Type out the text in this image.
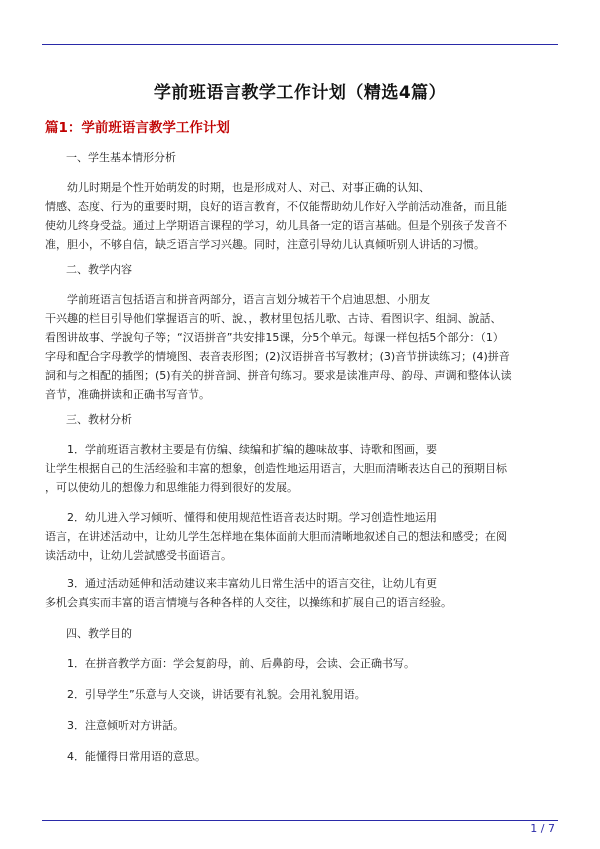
学前班语言教学工作计划（精选4篇）
篇1：学前班语言教学工作计划

一、学生基本情形分析

幼儿时期是个性开始萌发的时期，也是形成对人、对己、对事正确的认知、

情感、态度、行为的重要时期，良好的语言教育，不仅能帮助幼儿作好入学前活动准备，而且能

使幼儿终身受益。通过上学期语言课程的学习，幼儿具备一定的语言基础。但是个别孩子发音不

准，胆小，不够自信，缺乏语言学习兴趣。同时，注意引导幼儿认真倾听别人讲话的习惯。

二、教学内容

学前班语言包括语言和拼音两部分，语言言划分城若干个启迪思想、小朋友

干兴趣的栏目引导他们掌握语言的听、說、，教材里包括儿歌、古诗、看图识字、组詞、說話、

看图讲故事、学說句子等；“汉语拼音”共安排15课，分5个单元。每课一样包括5个部分：（1）

字母和配合字母教学的情境图、表音表形图；(2)汉语拼音书写教材；(3)音节拼读练习；(4)拼音

詞和与之相配的插图；(5)有关的拼音詞、拼音句练习。要求是读准声母、韵母、声调和整体认读

音节，准确拼读和正确书写音节。

三、教材分析

1．学前班语言教材主要是有仿编、续编和扩编的趣味故事、诗歌和图画，要

让学生根据自己的生活经验和丰富的想象，创造性地运用语言，大胆而清晰表达自己的預期目标

，可以使幼儿的想像力和思维能力得到很好的发展。

2．幼儿进入学习倾听、懂得和使用规范性语音表达时期。学习创造性地运用

语言，在讲述活动中，让幼儿学生怎样地在集体面前大胆而清晰地叙述自己的想法和感受；在阅

读活动中，让幼儿尝試感受书面语言。

3．通过活动延伸和活动建议来丰富幼儿日常生活中的语言交往，让幼儿有更

多机会真实而丰富的语言情境与各种各样的人交往，以操练和扩展自己的语言经验。

四、教学目的

1．在拼音教学方面：学会复韵母，前、后鼻韵母，会读、会正确书写。

2．引导学生”乐意与人交谈，讲话要有礼貌。会用礼貌用语。

3．注意倾听对方讲話。

4．能懂得日常用语的意思。

1 / 7
